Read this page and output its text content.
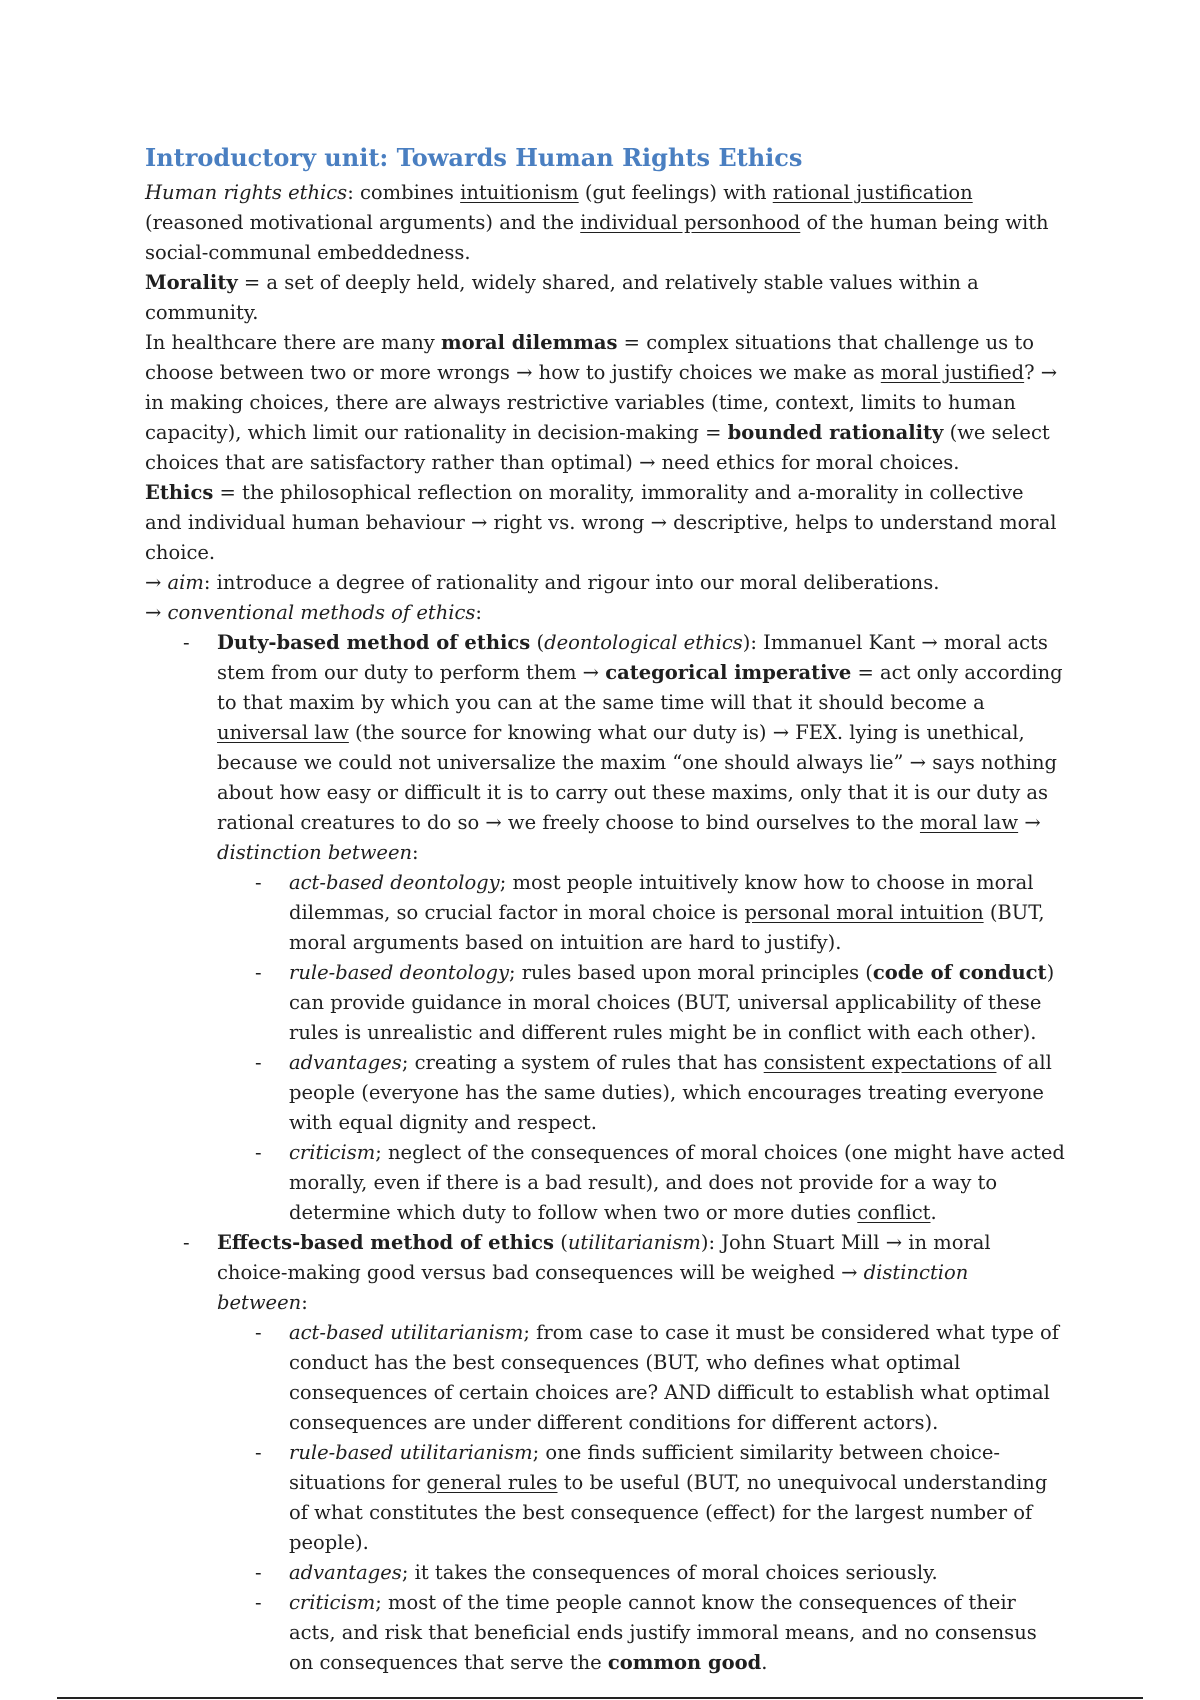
Introductory unit: Towards Human Rights Ethics

Human rights ethics: combines intuitionism (gut feelings) with rational justification (reasoned motivational arguments) and the individual personhood of the human being with social-communal embeddedness.

Morality = a set of deeply held, widely shared, and relatively stable values within a community.

In healthcare there are many moral dilemmas = complex situations that challenge us to choose between two or more wrongs → how to justify choices we make as moral justified? → in making choices, there are always restrictive variables (time, context, limits to human capacity), which limit our rationality in decision-making = bounded rationality (we select choices that are satisfactory rather than optimal) → need ethics for moral choices.

Ethics = the philosophical reflection on morality, immorality and a-morality in collective and individual human behaviour → right vs. wrong → descriptive, helps to understand moral choice.

→ aim: introduce a degree of rationality and rigour into our moral deliberations.

→ conventional methods of ethics:

- Duty-based method of ethics (deontological ethics): Immanuel Kant → moral acts stem from our duty to perform them → categorical imperative = act only according to that maxim by which you can at the same time will that it should become a universal law (the source for knowing what our duty is) → FEX. lying is unethical, because we could not universalize the maxim “one should always lie” → says nothing about how easy or difficult it is to carry out these maxims, only that it is our duty as rational creatures to do so → we freely choose to bind ourselves to the moral law → distinction between:
- act-based deontology; most people intuitively know how to choose in moral dilemmas, so crucial factor in moral choice is personal moral intuition (BUT, moral arguments based on intuition are hard to justify).
- rule-based deontology; rules based upon moral principles (code of conduct) can provide guidance in moral choices (BUT, universal applicability of these rules is unrealistic and different rules might be in conflict with each other).
- advantages; creating a system of rules that has consistent expectations of all people (everyone has the same duties), which encourages treating everyone with equal dignity and respect.
- criticism; neglect of the consequences of moral choices (one might have acted morally, even if there is a bad result), and does not provide for a way to determine which duty to follow when two or more duties conflict.
- Effects-based method of ethics (utilitarianism): John Stuart Mill → in moral choice-making good versus bad consequences will be weighed → distinction between:
- act-based utilitarianism; from case to case it must be considered what type of conduct has the best consequences (BUT, who defines what optimal consequences of certain choices are? AND difficult to establish what optimal consequences are under different conditions for different actors).
- rule-based utilitarianism; one finds sufficient similarity between choice-situations for general rules to be useful (BUT, no unequivocal understanding of what constitutes the best consequence (effect) for the largest number of people).
- advantages; it takes the consequences of moral choices seriously.
- criticism; most of the time people cannot know the consequences of their acts, and risk that beneficial ends justify immoral means, and no consensus on consequences that serve the common good.
